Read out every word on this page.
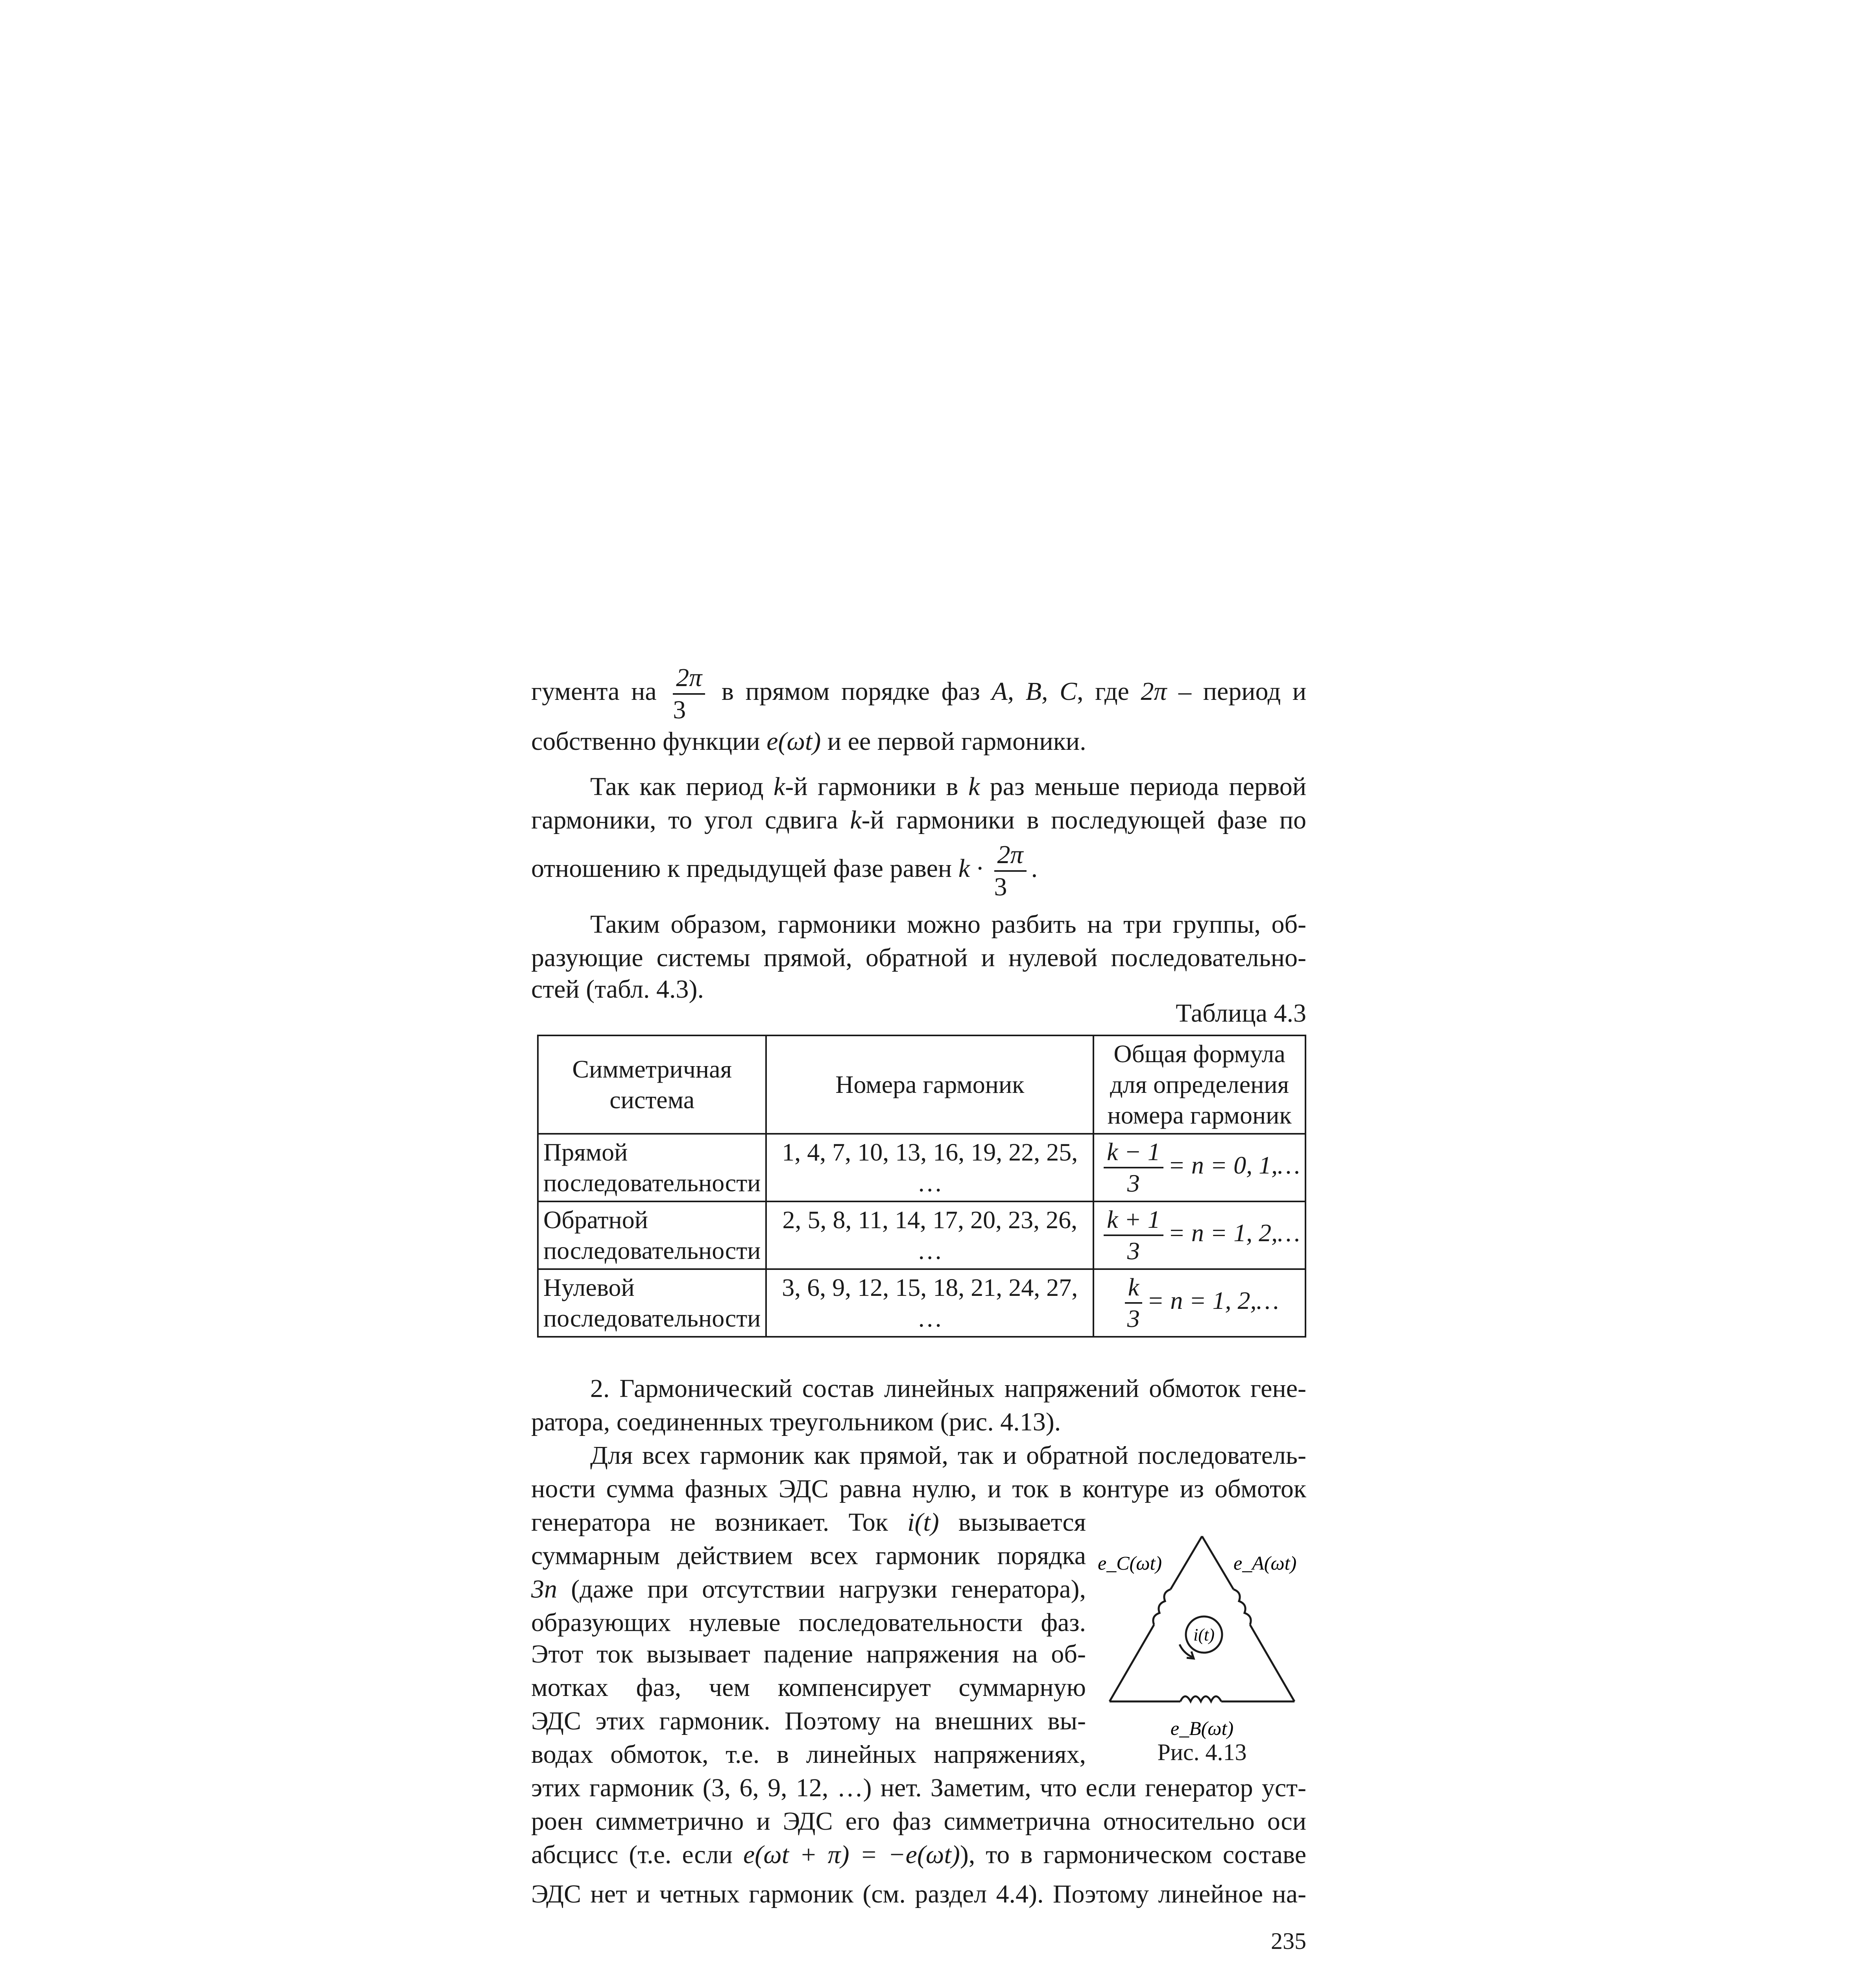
гумента на $\frac{2\pi}{3}$ в прямом порядке фаз A, B, C, где 2π – период и
собственно функции e(ωt) и ее первой гармоники.
Так как период k-й гармоники в k раз меньше периода первой
гармоники, то угол сдвига k-й гармоники в последующей фазе по
отношению к предыдущей фазе равен $k \cdot \frac{2\pi}{3}$ .
Таким образом, гармоники можно разбить на три группы, об-
разующие системы прямой, обратной и нулевой последовательно-
стей (табл. 4.3).
Таблица 4.3
Симметричная система	Номера гармоник	Общая формула для определения номера гармоник
Прямой последовательности	1, 4, 7, 10, 13, 16, 19, 22, 25, …	$\frac{k - 1}{3} = n = 0$, 1,…
Обратной последовательности	2, 5, 8, 11, 14, 17, 20, 23, 26, …	$\frac{k + 1}{3} = n = 1$, 2,…
Нулевой последовательности	3, 6, 9, 12, 15, 18, 21, 24, 27, …	$\frac{k}{3} = n = 1$, 2,…
2. Гармонический состав линейных напряжений обмоток гене-
ратора, соединенных треугольником (рис. 4.13).
Для всех гармоник как прямой, так и обратной последователь-
ности сумма фазных ЭДС равна нулю, и ток в контуре из обмоток
генератора не возникает. Ток i(t) вызывается
суммарным действием всех гармоник порядка
3n (даже при отсутствии нагрузки генератора),
образующих нулевые последовательности фаз.
Этот ток вызывает падение напряжения на об-
мотках фаз, чем компенсирует суммарную
ЭДС этих гармоник. Поэтому на внешних вы-
водах обмоток, т.е. в линейных напряжениях,
этих гармоник (3, 6, 9, 12, …) нет. Заметим, что если генератор уст-
роен симметрично и ЭДС его фаз симметрична относительно оси
абсцисс (т.е. если e(ωt + π) = −e(ωt)), то в гармоническом составе
ЭДС нет и четных гармоник (см. раздел 4.4). Поэтому линейное на-
e_C(ωt)	e_A(ωt)
i(t)
e_B(ωt)
Рис. 4.13
235
